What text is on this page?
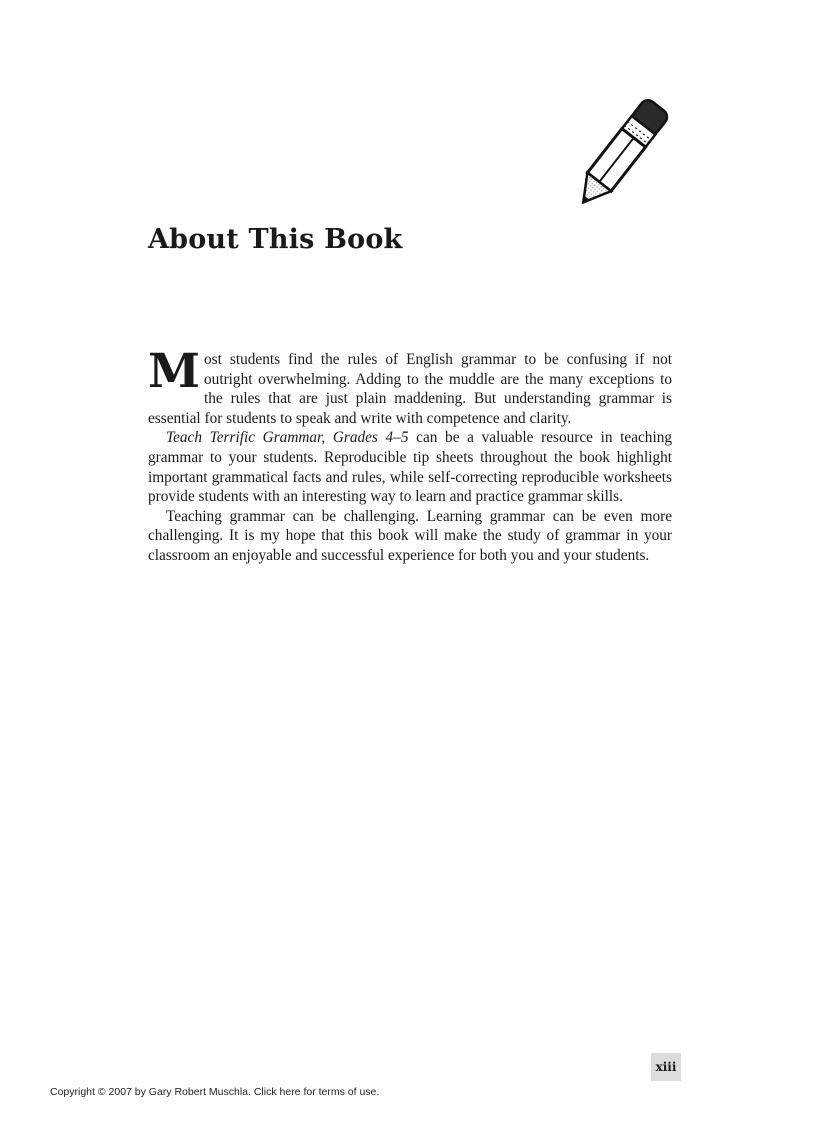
About This Book

Most students find the rules of English grammar to be confusing if not outright overwhelming. Adding to the muddle are the many exceptions to the rules that are just plain maddening. But understanding grammar is essential for students to speak and write with competence and clarity.

Teach Terrific Grammar, Grades 4–5 can be a valuable resource in teaching grammar to your students. Reproducible tip sheets throughout the book highlight important grammatical facts and rules, while self-correcting reproducible worksheets provide students with an interesting way to learn and practice grammar skills.

Teaching grammar can be challenging. Learning grammar can be even more challenging. It is my hope that this book will make the study of grammar in your classroom an enjoyable and successful experience for both you and your students.

xiii

Copyright © 2007 by Gary Robert Muschla. Click here for terms of use.
